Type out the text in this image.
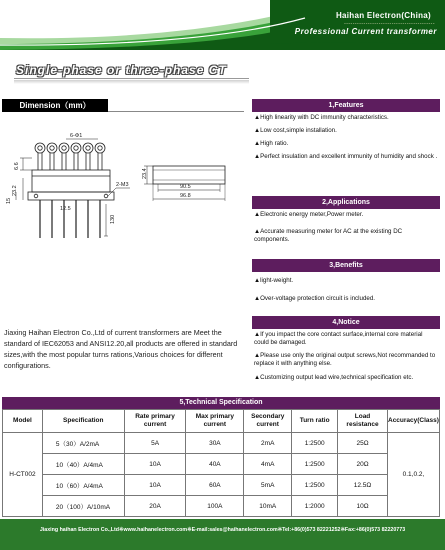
Haihan Electron(China)
------------------------------------------
Professional Current transformer
Single-phase or three-phase CT
Dimension（mm）
6-Φ1
6.6
23.2
15
2-M3
12.5
23.4
90.5
96.8
130
1,Features

▲High linearity with DC immunity characteristics.

▲Low cost,simple installation.

▲High ratio.

▲Perfect insulation and excellent immunity of humidity and shock .

2,Applications

▲Electronic energy meter,Power meter.

▲Accurate measuring meter for AC at the existing DC components.

3,Benefits

▲light-weight.

▲Over-voltage protection circuit is included.

4,Notice

▲If you impact the core contact surface,internal core material could be damaged.

▲Please use only the original output screws,Not recommanded to replace it with anything else.

▲Customizing output lead wire,technical specification etc.

Jiaxing Haihan Electron Co.,Ltd of current transformers are Meet the standard of IEC62053 and ANSI12.20,all products are offered in standard sizes,with the most popular turns rations,Various choices for different configurations.
5,Technical Specification
Model	Specification	Rate primary current	Max primary current	Secondary current	Turn ratio	Load resistance	Accuracy(Class)
H-CT002	5（30）A/2mA	5A	30A	2mA	1:2500	25Ω	0.1,0.2,
	10（40）A/4mA	10A	40A	4mA	1:2500	20Ω	
	10（60）A/4mA	10A	60A	5mA	1:2500	12.5Ω	
	20（100）A/10mA	20A	100A	10mA	1:2000	10Ω	
Jiaxing haihan Electron Co.,Ltd※www.haihanelectron.com※E-mail:sales@haihanelectron.com※Tel:+86(0)573 82221252※Fax:+86(0)573 82220773
